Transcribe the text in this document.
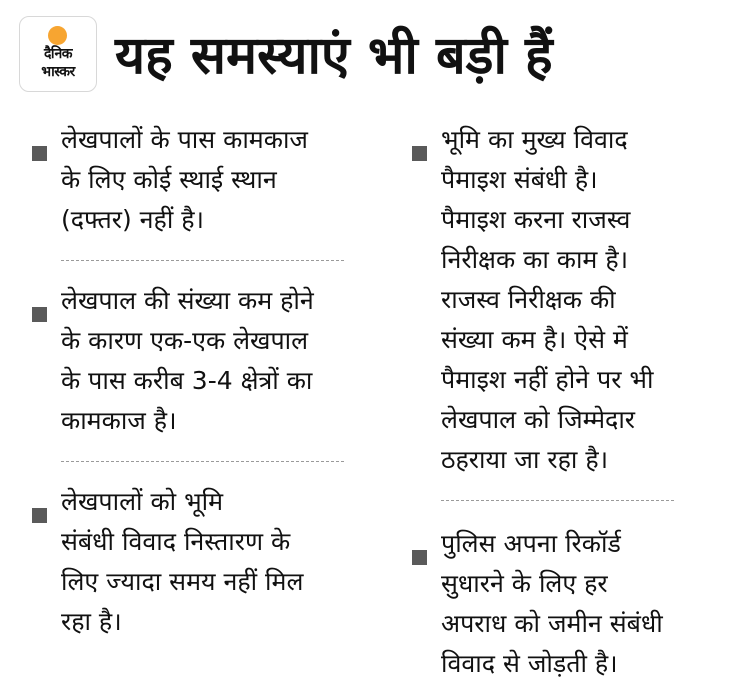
दैनिक
भास्कर यह समस्याएं भी बड़ी हैं

लेखपालों के पास कामकाज
के लिए कोई स्थाई स्थान
(दफ्तर) नहीं है।

लेखपाल की संख्या कम होने
के कारण एक-एक लेखपाल
के पास करीब 3-4 क्षेत्रों का
कामकाज है।

लेखपालों को भूमि
संबंधी विवाद निस्तारण के
लिए ज्यादा समय नहीं मिल
रहा है।

भूमि का मुख्य विवाद
पैमाइश संबंधी है।
पैमाइश करना राजस्व
निरीक्षक का काम है।
राजस्व निरीक्षक की
संख्या कम है। ऐसे में
पैमाइश नहीं होने पर भी
लेखपाल को जिम्मेदार
ठहराया जा रहा है।

पुलिस अपना रिकॉर्ड
सुधारने के लिए हर
अपराध को जमीन संबंधी
विवाद से जोड़ती है।
